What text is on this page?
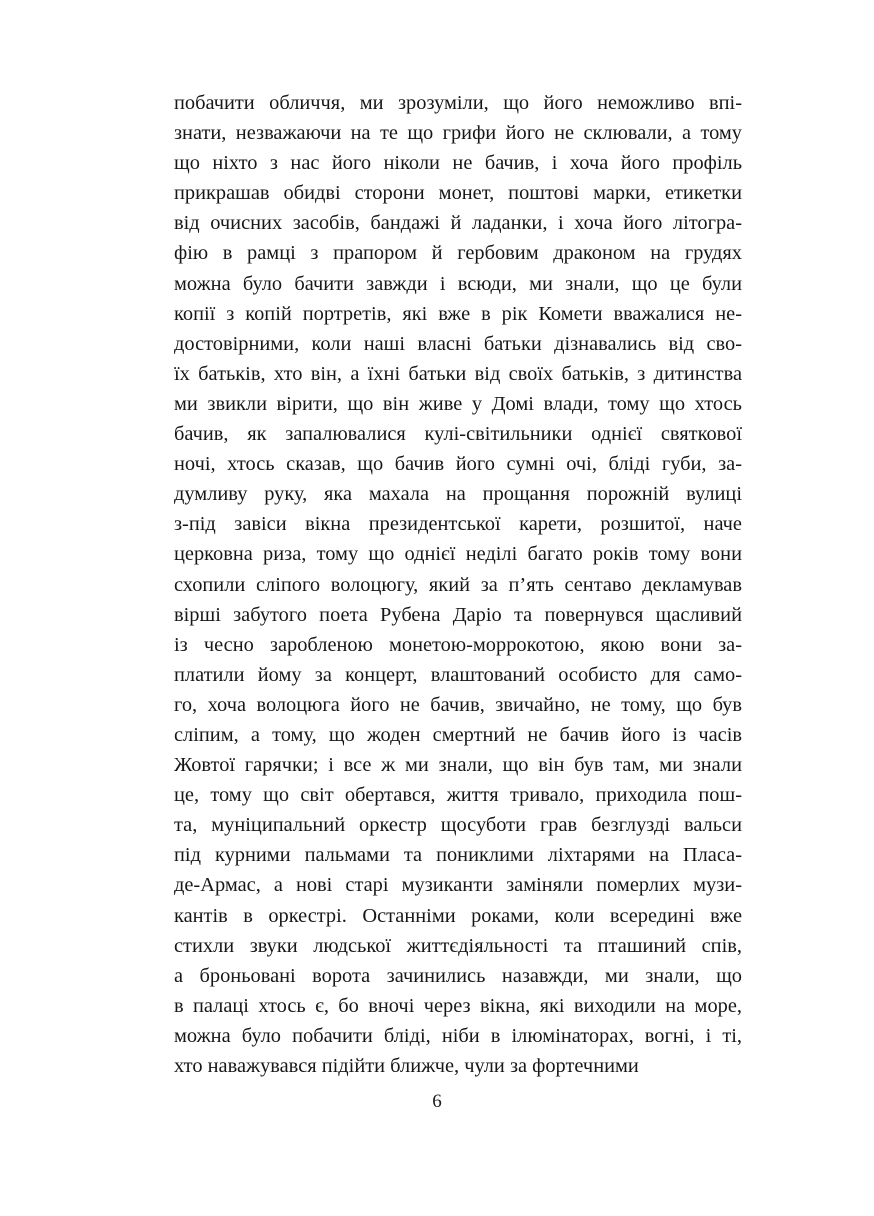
побачити обличчя, ми зрозуміли, що його неможливо впі-
знати, незважаючи на те що грифи його не склювали, а тому
що ніхто з нас його ніколи не бачив, і хоча його профіль
прикрашав обидві сторони монет, поштові марки, етикетки
від очисних засобів, бандажі й ладанки, і хоча його літогра-
фію в рамці з прапором й гербовим драконом на грудях
можна було бачити завжди і всюди, ми знали, що це були
копії з копій портретів, які вже в рік Комети вважалися не-
достовірними, коли наші власні батьки дізнавались від сво-
їх батьків, хто він, а їхні батьки від своїх батьків, з дитинства
ми звикли вірити, що він живе у Домі влади, тому що хтось
бачив, як запалювалися кулі-світильники однієї святкової
ночі, хтось сказав, що бачив його сумні очі, бліді губи, за-
думливу руку, яка махала на прощання порожній вулиці
з-під завіси вікна президентської карети, розшитої, наче
церковна риза, тому що однієї неділі багато років тому вони
схопили сліпого волоцюгу, який за п’ять сентаво декламував
вірші забутого поета Рубена Даріо та повернувся щасливий
із чесно заробленою монетою-моррокотою, якою вони за-
платили йому за концерт, влаштований особисто для само-
го, хоча волоцюга його не бачив, звичайно, не тому, що був
сліпим, а тому, що жоден смертний не бачив його із часів
Жовтої гарячки; і все ж ми знали, що він був там, ми знали
це, тому що світ обертався, життя тривало, приходила пош-
та, муніципальний оркестр щосуботи грав безглузді вальси
під курними пальмами та пониклими ліхтарями на Пласа-
де-Армас, а нові старі музиканти заміняли померлих музи-
кантів в оркестрі. Останніми роками, коли всередині вже
стихли звуки людської життєдіяльності та пташиний спів,
а броньовані ворота зачинились назавжди, ми знали, що
в палаці хтось є, бо вночі через вікна, які виходили на море,
можна було побачити бліді, ніби в ілюмінаторах, вогні, і ті,
хто наважувався підійти ближче, чули за фортечними

6
